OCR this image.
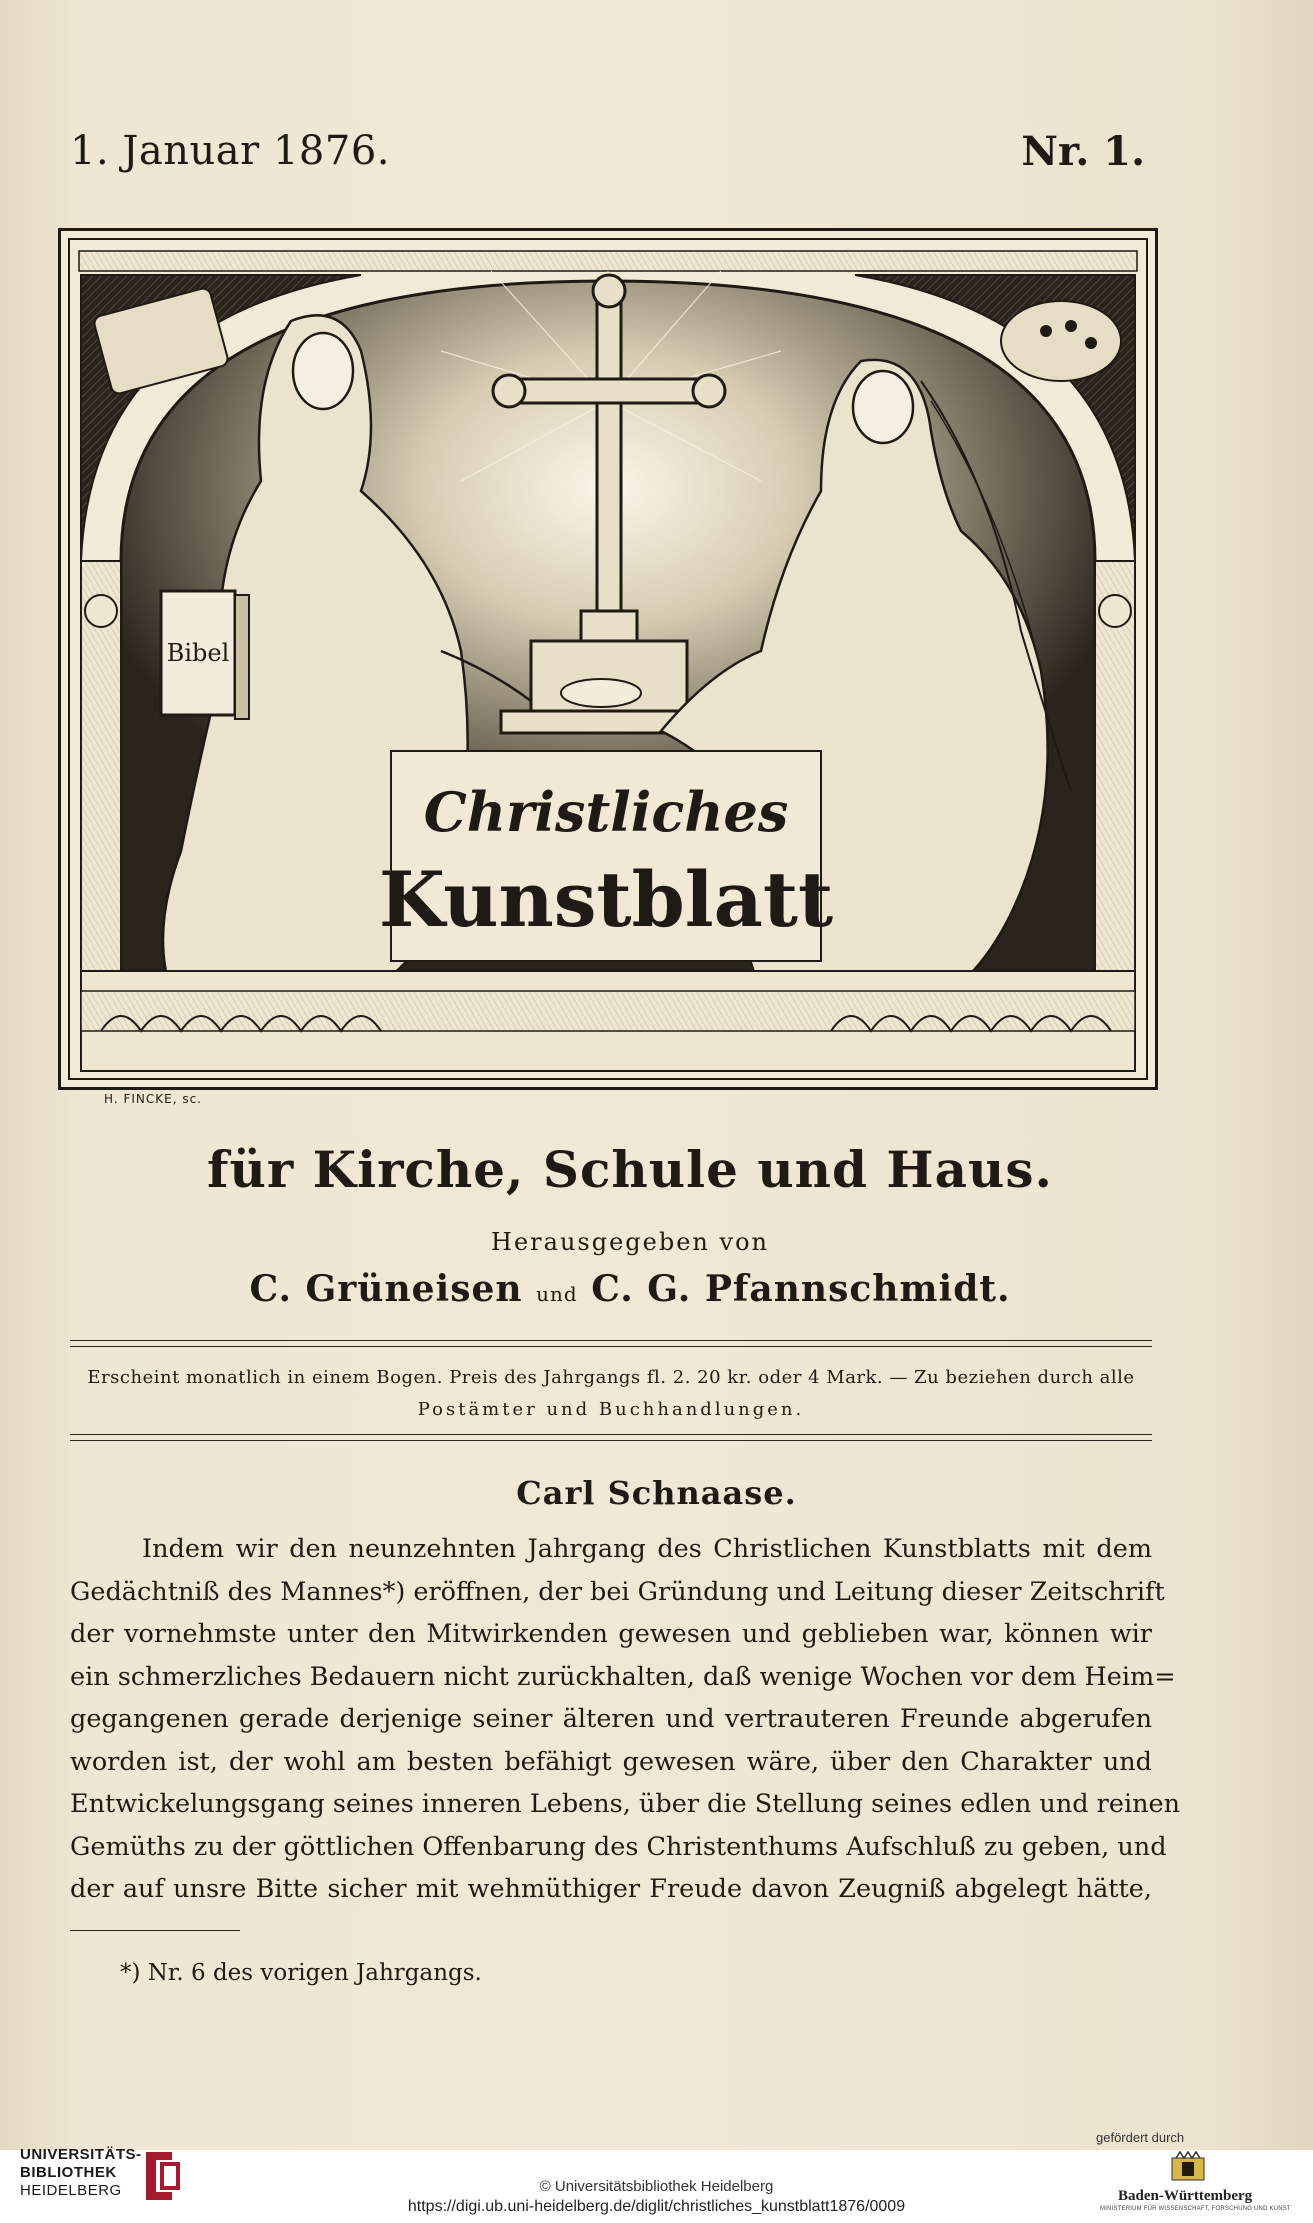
1. Januar 1876.	Nr. 1.
Bibel
Christliches
Kunstblatt
H. FINCKE, sc.
für Kirche, Schule und Haus.
Herausgegeben von
C. Grüneisen und C. G. Pfannschmidt.
Erscheint monatlich in einem Bogen. Preis des Jahrgangs fl. 2. 20 kr. oder 4 Mark. — Zu beziehen durch alle
Postämter und Buchhandlungen.
Carl Schnaase.
Indem wir den neunzehnten Jahrgang des Christlichen Kunstblatts mit dem
Gedächtniß des Mannes*) eröffnen, der bei Gründung und Leitung dieser Zeitschrift
der vornehmste unter den Mitwirkenden gewesen und geblieben war, können wir
ein schmerzliches Bedauern nicht zurückhalten, daß wenige Wochen vor dem Heim=
gegangenen gerade derjenige seiner älteren und vertrauteren Freunde abgerufen
worden ist, der wohl am besten befähigt gewesen wäre, über den Charakter und
Entwickelungsgang seines inneren Lebens, über die Stellung seines edlen und reinen
Gemüths zu der göttlichen Offenbarung des Christenthums Aufschluß zu geben, und
der auf unsre Bitte sicher mit wehmüthiger Freude davon Zeugniß abgelegt hätte,
*) Nr. 6 des vorigen Jahrgangs.
UNIVERSITÄTS-
BIBLIOTHEK
HEIDELBERG	© Universitätsbibliothek Heidelberg
https://digi.ub.uni-heidelberg.de/diglit/christliches_kunstblatt1876/0009
gefördert durch
Baden-Württemberg
MINISTERIUM FÜR WISSENSCHAFT, FORSCHUNG UND KUNST
